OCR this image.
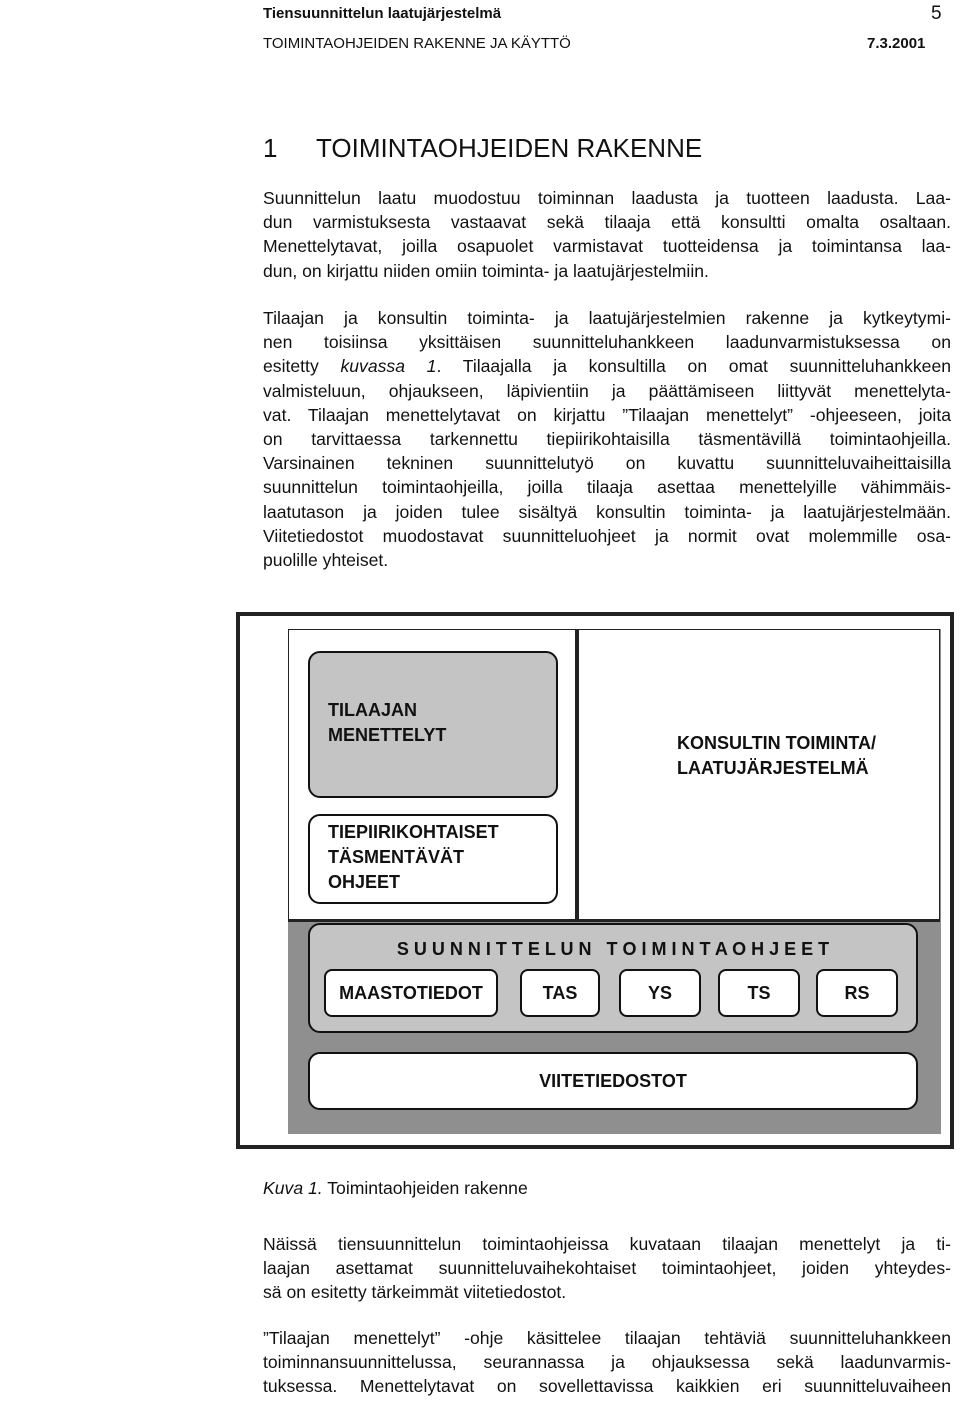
Tiensuunnittelun laatujärjestelmä
TOIMINTAOHJEIDEN RAKENNE JA KÄYTTÖ
5
7.3.2001
1 TOIMINTAOHJEIDEN RAKENNE
Suunnittelun laatu muodostuu toiminnan laadusta ja tuotteen laadusta. Laa-
dun varmistuksesta vastaavat sekä tilaaja että konsultti omalta osaltaan.
Menettelytavat, joilla osapuolet varmistavat tuotteidensa ja toimintansa laa-
dun, on kirjattu niiden omiin toiminta- ja laatujärjestelmiin.
Tilaajan ja konsultin toiminta- ja laatujärjestelmien rakenne ja kytkeytymi-
nen toisiinsa yksittäisen suunnitteluhankkeen laadunvarmistuksessa on
esitetty kuvassa 1. Tilaajalla ja konsultilla on omat suunnitteluhankkeen
valmisteluun, ohjaukseen, läpivientiin ja päättämiseen liittyvät menettelyta-
vat. Tilaajan menettelytavat on kirjattu ”Tilaajan menettelyt” -ohjeeseen, joita
on tarvittaessa tarkennettu tiepiirikohtaisilla täsmentävillä toimintaohjeilla.
Varsinainen tekninen suunnittelutyö on kuvattu suunnitteluvaiheittaisilla
suunnittelun toimintaohjeilla, joilla tilaaja asettaa menettelyille vähimmäis-
laatutason ja joiden tulee sisältyä konsultin toiminta- ja laatujärjestelmään.
Viitetiedostot muodostavat suunnitteluohjeet ja normit ovat molemmille osa-
puolille yhteiset.
TILAAJAN
MENETTELYT	KONSULTIN TOIMINTA/
LAATUJÄRJESTELMÄ
TIEPIIRIKOHTAISET
TÄSMENTÄVÄT
OHJEET
S U U N N I T T E L U N   T O I M I N T A O H J E E T
MAASTOTIEDOT	TAS	YS	TS	RS
VIITETIEDOSTOT
Kuva 1. Toimintaohjeiden rakenne
Näissä tiensuunnittelun toimintaohjeissa kuvataan tilaajan menettelyt ja ti-
laajan asettamat suunnitteluvaihekohtaiset toimintaohjeet, joiden yhteydes-
sä on esitetty tärkeimmät viitetiedostot.
”Tilaajan menettelyt” -ohje käsittelee tilaajan tehtäviä suunnitteluhankkeen
toiminnansuunnittelussa, seurannassa ja ohjauksessa sekä laadunvarmis-
tuksessa. Menettelytavat on sovellettavissa kaikkien eri suunnitteluvaiheen
